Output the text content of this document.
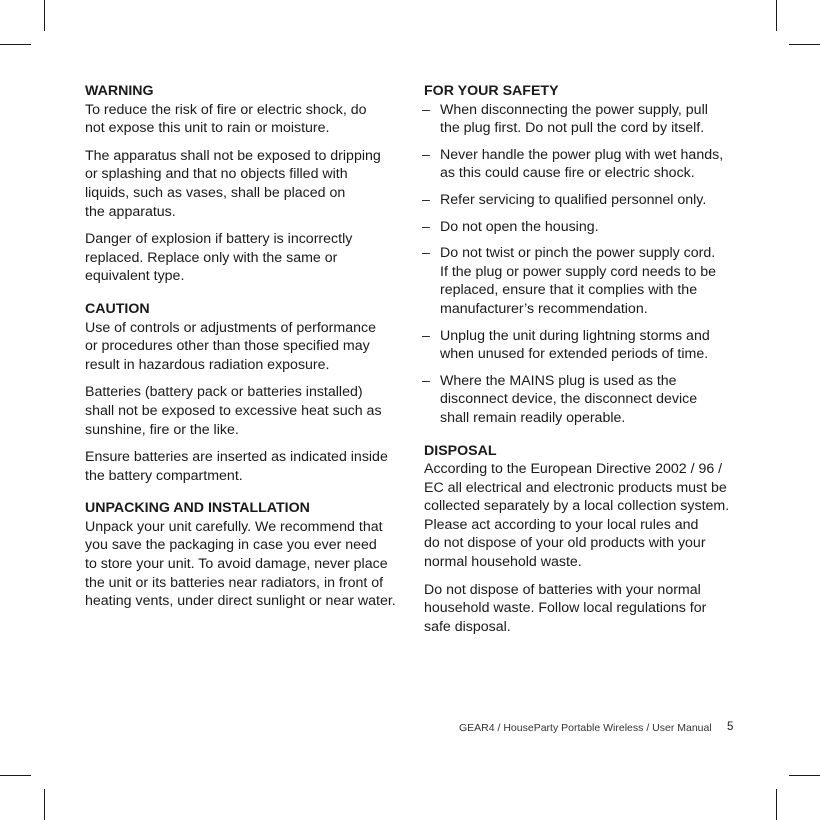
WARNING

To reduce the risk of fire or electric shock, do
not expose this unit to rain or moisture.

The apparatus shall not be exposed to dripping
or splashing and that no objects filled with
liquids, such as vases, shall be placed on
the apparatus.

Danger of explosion if battery is incorrectly
replaced. Replace only with the same or
equivalent type.

CAUTION

Use of controls or adjustments of performance
or procedures other than those specified may
result in hazardous radiation exposure.

Batteries (battery pack or batteries installed)
shall not be exposed to excessive heat such as
sunshine, fire or the like.

Ensure batteries are inserted as indicated inside
the battery compartment.

UNPACKING AND INSTALLATION

Unpack your unit carefully. We recommend that
you save the packaging in case you ever need
to store your unit. To avoid damage, never place
the unit or its batteries near radiators, in front of
heating vents, under direct sunlight or near water.

FOR YOUR SAFETY

– When disconnecting the power supply, pull
the plug first. Do not pull the cord by itself.
– Never handle the power plug with wet hands,
as this could cause fire or electric shock.
– Refer servicing to qualified personnel only.
– Do not open the housing.
– Do not twist or pinch the power supply cord.
If the plug or power supply cord needs to be
replaced, ensure that it complies with the
manufacturer’s recommendation.
– Unplug the unit during lightning storms and
when unused for extended periods of time.
– Where the MAINS plug is used as the
disconnect device, the disconnect device
shall remain readily operable.

DISPOSAL

According to the European Directive 2002 / 96 /
EC all electrical and electronic products must be
collected separately by a local collection system.
Please act according to your local rules and
do not dispose of your old products with your
normal household waste.

Do not dispose of batteries with your normal
household waste. Follow local regulations for
safe disposal.

GEAR4 / HouseParty Portable Wireless / User Manual 5
